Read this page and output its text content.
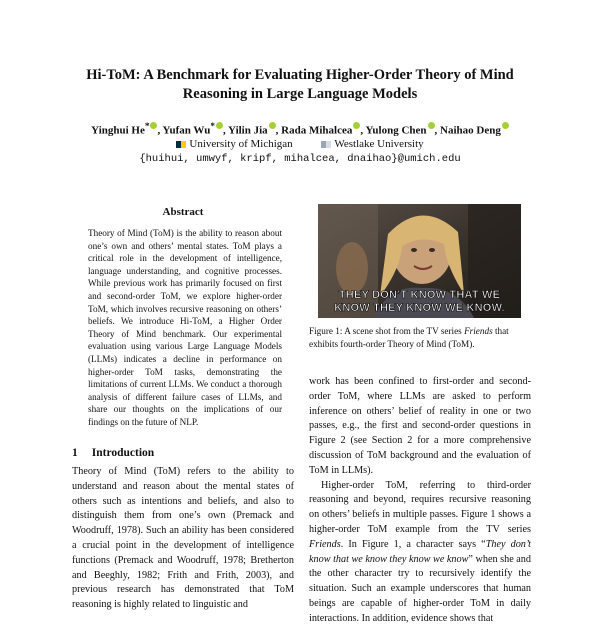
Hi-ToM: A Benchmark for Evaluating Higher-Order Theory of Mind
Reasoning in Large Language Models
Yinghui He* , Yufan Wu* , Yilin Jia , Rada Mihalcea , Yulong Chen , Naihao Deng
University of Michigan	Westlake University
{huihui, umwyf, kripf, mihalcea, dnaihao}@umich.edu
Abstract
Theory of Mind (ToM) is the ability to reason about one’s own and others’ mental states. ToM plays a critical role in the development of intelligence, language understanding, and cognitive processes. While previous work has primarily focused on first and second-order ToM, we explore higher-order ToM, which involves recursive reasoning on others’ beliefs. We introduce Hi-ToM, a Higher Order Theory of Mind benchmark. Our experimental evaluation using various Large Language Models (LLMs) indicates a decline in performance on higher-order ToM tasks, demonstrating the limitations of current LLMs. We conduct a thorough analysis of different failure cases of LLMs, and share our thoughts on the implications of our findings on the future of NLP.
1 Introduction
Theory of Mind (ToM) refers to the ability to understand and reason about the mental states of others such as intentions and beliefs, and also to distinguish them from one’s own (Premack and Woodruff, 1978). Such an ability has been considered a crucial point in the development of intelligence functions (Premack and Woodruff, 1978; Bretherton and Beeghly, 1982; Frith and Frith, 2003), and previous research has demonstrated that ToM reasoning is highly related to linguistic and
THEY DON’T KNOW THAT WE
KNOW THEY KNOW WE KNOW.
Figure 1: A scene shot from the TV series Friends that exhibits fourth-order Theory of Mind (ToM).

work has been confined to first-order and second-order ToM, where LLMs are asked to perform inference on others’ belief of reality in one or two passes, e.g., the first and second-order questions in Figure 2 (see Section 2 for a more comprehensive discussion of ToM background and the evaluation of ToM in LLMs).

Higher-order ToM, referring to third-order reasoning and beyond, requires recursive reasoning on others’ beliefs in multiple passes. Figure 1 shows a higher-order ToM example from the TV series Friends. In Figure 1, a character says “They don’t know that we know they know we know” when she and the other character try to recursively identify the situation. Such an example underscores that human beings are capable of higher-order ToM in daily interactions. In addition, evidence shows that
